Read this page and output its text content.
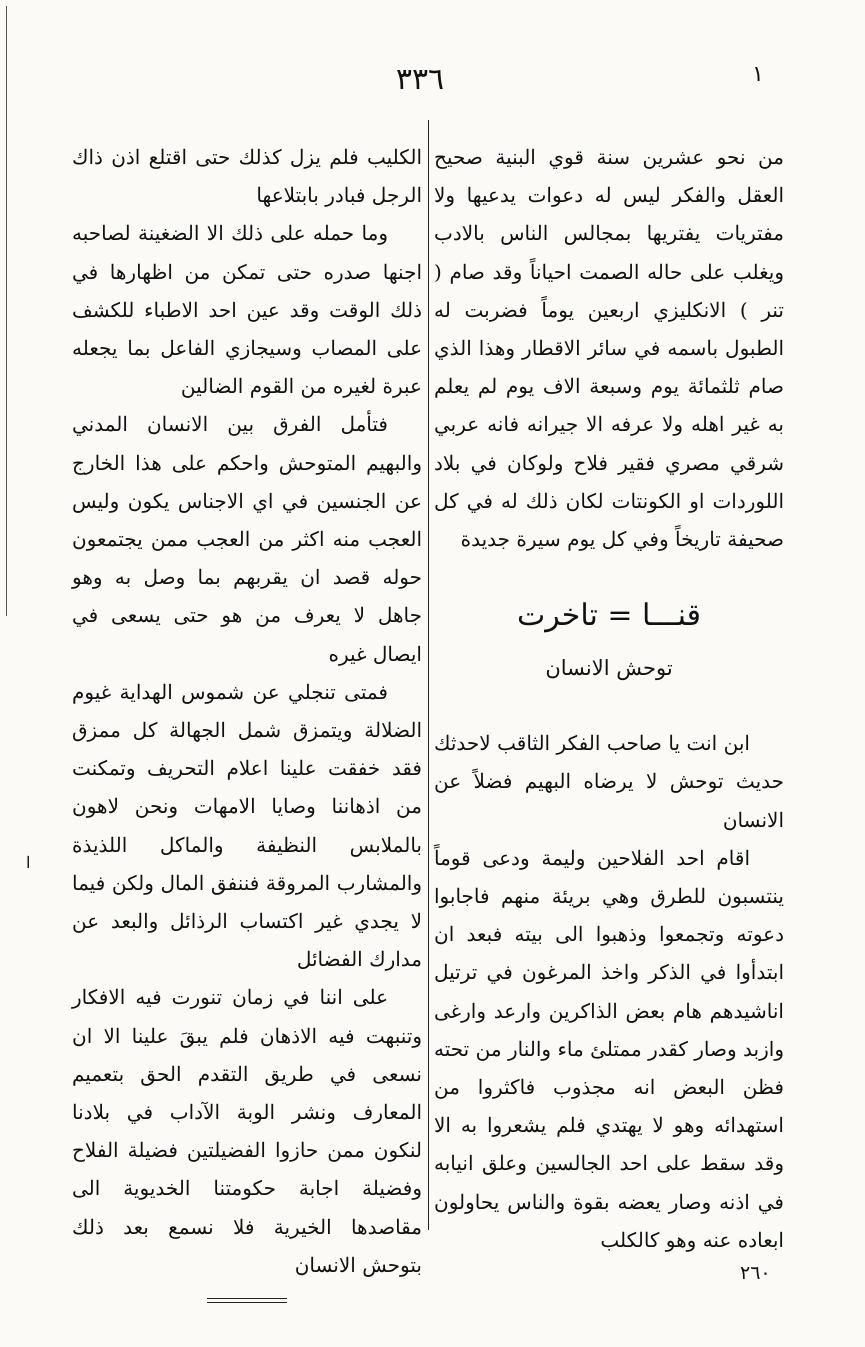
٣٣٦	١

من نحو عشرين سنة قوي البنية صحيح العقل والفكر ليس له دعوات يدعيها ولا مفتريات يفتريها بمجالس الناس بالادب ويغلب على حاله الصمت احياناً وقد صام ( تنر ) الانكليزي اربعين يوماً فضربت له الطبول باسمه في سائر الاقطار وهذا الذي صام ثلثمائة يوم وسبعة الاف يوم لم يعلم به غير اهله ولا عرفه الا جيرانه فانه عربي شرقي مصري فقير فلاح ولوكان في بلاد اللوردات او الكونتات لكان ذلك له في كل صحيفة تاريخاً وفي كل يوم سيرة جديدة

قنـــا = تاخرت
توحش الانسان

ابن انت يا صاحب الفكر الثاقب لاحدثك حديث توحش لا يرضاه البهيم فضلاً عن الانسان

اقام احد الفلاحين وليمة ودعى قوماً ينتسبون للطرق وهي بريئة منهم فاجابوا دعوته وتجمعوا وذهبوا الى بيته فبعد ان ابتدأوا في الذكر واخذ المرغون في ترتيل اناشيدهم هام بعض الذاكرين وارعد وارغى وازبد وصار كقدر ممتلئ ماء والنار من تحته فظن البعض انه مجذوب فاكثروا من استهدائه وهو لا يهتدي فلم يشعروا به الا وقد سقط على احد الجالسين وعلق انيابه في اذنه وصار يعضه بقوة والناس يحاولون ابعاده عنه وهو كالكلب

الكليب فلم يزل كذلك حتى اقتلع اذن ذاك الرجل فبادر بابتلاعها

وما حمله على ذلك الا الضغينة لصاحبه اجنها صدره حتى تمكن من اظهارها في ذلك الوقت وقد عين احد الاطباء للكشف على المصاب وسيجازي الفاعل بما يجعله عبرة لغيره من القوم الضالين

فتأمل الفرق بين الانسان المدني والبهيم المتوحش واحكم على هذا الخارج عن الجنسين في اي الاجناس يكون وليس العجب منه اكثر من العجب ممن يجتمعون حوله قصد ان يقربهم بما وصل به وهو جاهل لا يعرف من هو حتى يسعى في ايصال غيره

فمتى تنجلي عن شموس الهداية غيوم الضلالة ويتمزق شمل الجهالة كل ممزق فقد خفقت علينا اعلام التحريف وتمكنت من اذهاننا وصايا الامهات ونحن لاهون بالملابس النظيفة والماكل اللذيذة والمشارب المروقة فننفق المال ولكن فيما لا يجدي غير اكتساب الرذائل والبعد عن مدارك الفضائل

على اننا في زمان تنورت فيه الافكار وتنبهت فيه الاذهان فلم يبقَ علينا الا ان نسعى في طريق التقدم الحق بتعميم المعارف ونشر الوبة الآداب في بلادنا لنكون ممن حازوا الفضيلتين فضيلة الفلاح وفضيلة اجابة حكومتنا الخديوية الى مقاصدها الخيرية فلا نسمع بعد ذلك بتوحش الانسان

ا
٢٦٠
